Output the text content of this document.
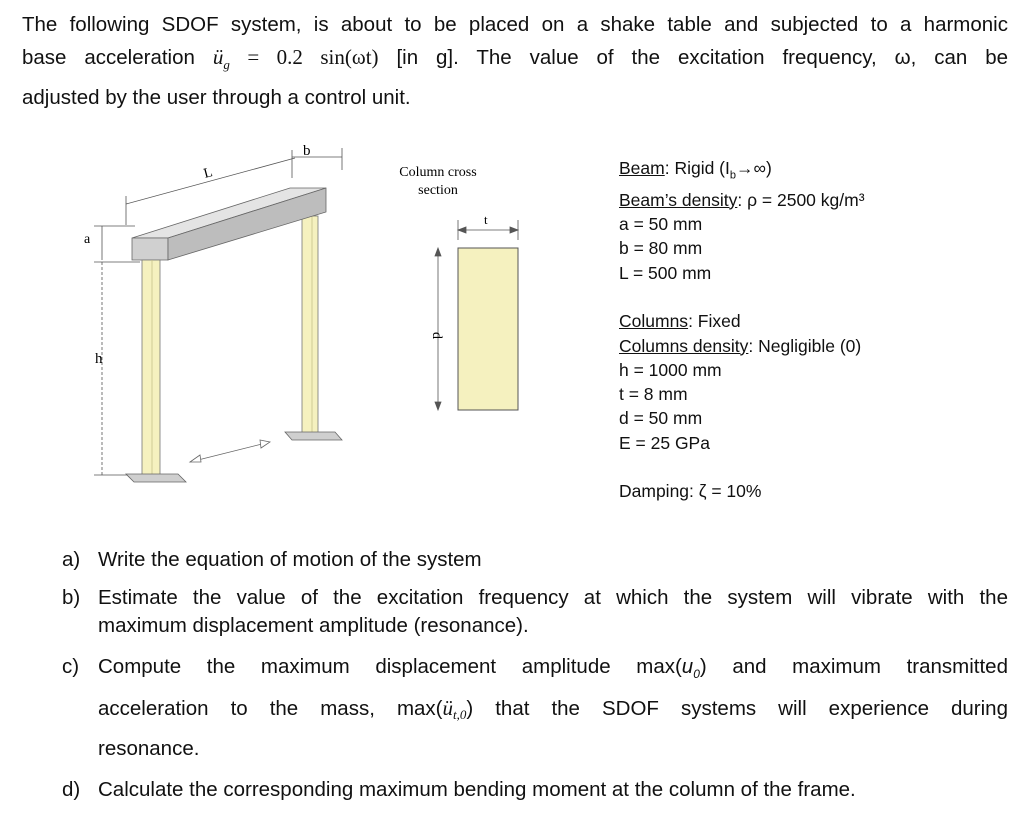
The following SDOF system, is about to be placed on a shake table and subjected to a harmonic
base acceleration $ü_g = 0.2$ sin(ωt) [in g]. The value of the excitation frequency, ω, can be
adjusted by the user through a control unit.
h
a
L
b
Column cross
section
t
d
Beam: Rigid $(I_b\to\infty)$
Beam’s density: ρ = 2500 kg/m³
a = 50 mm
b = 80 mm
L = 500 mm
Columns: Fixed
Columns density: Negligible (0)
h = 1000 mm
t = 8 mm
d = 50 mm
E = 25 GPa
Damping: ζ = 10%
a) Write the equation of motion of the system
b) Estimate the value of the excitation frequency at which the system will vibrate with the
maximum displacement amplitude (resonance).
c) Compute the maximum displacement amplitude $\max(u_0)$ and maximum transmitted
acceleration to the mass, $\max(ü_{t,0})$ that the SDOF systems will experience during
resonance.
d) Calculate the corresponding maximum bending moment at the column of the frame.
